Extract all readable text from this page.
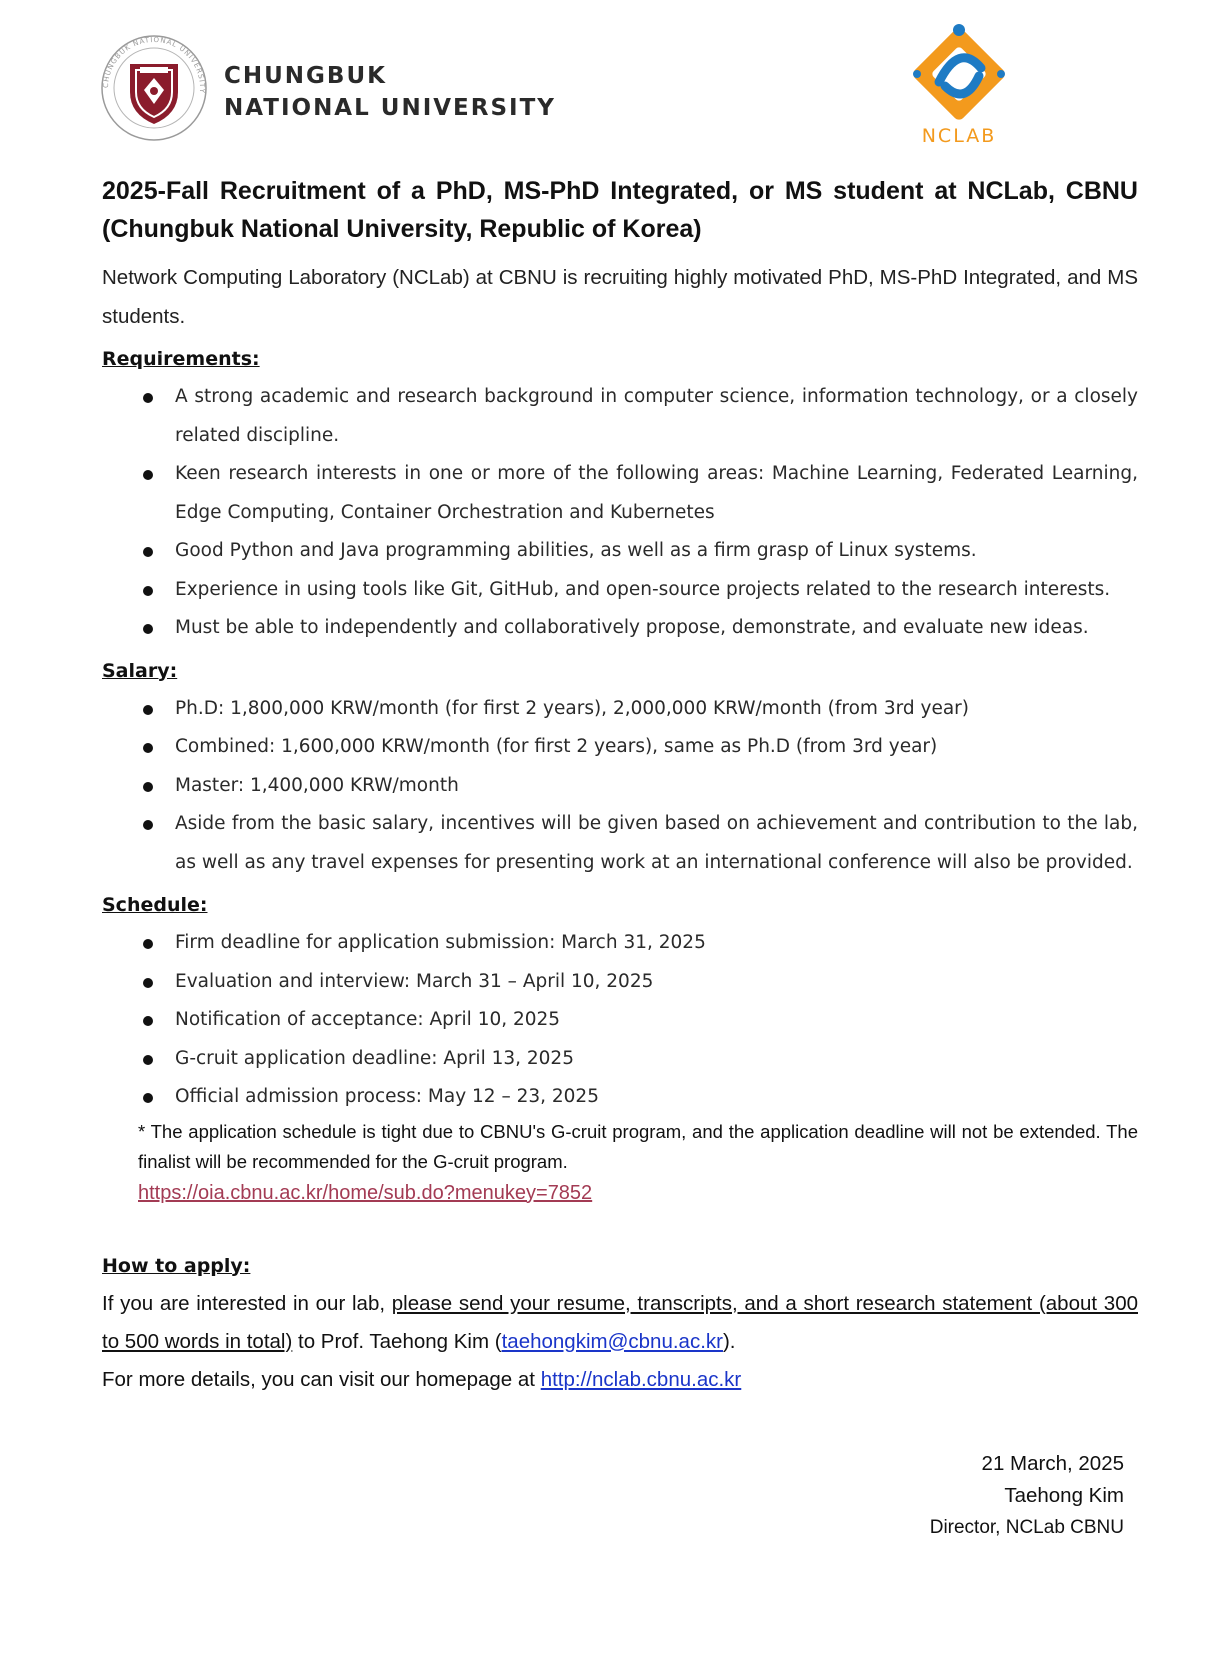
CHUNGBUK NATIONAL UNIVERSITY
CHUNGBUK
NATIONAL UNIVERSITY
NCLAB
2025-Fall Recruitment of a PhD, MS-PhD Integrated, or MS student at NCLab, CBNU (Chungbuk National University, Republic of Korea)

Network Computing Laboratory (NCLab) at CBNU is recruiting highly motivated PhD, MS-PhD Integrated, and MS students.

Requirements:
A strong academic and research background in computer science, information technology, or a closely related discipline.
Keen research interests in one or more of the following areas: Machine Learning, Federated Learning, Edge Computing, Container Orchestration and Kubernetes
Good Python and Java programming abilities, as well as a firm grasp of Linux systems.
Experience in using tools like Git, GitHub, and open-source projects related to the research interests.
Must be able to independently and collaboratively propose, demonstrate, and evaluate new ideas.
Salary:
Ph.D: 1,800,000 KRW/month (for first 2 years), 2,000,000 KRW/month (from 3rd year)
Combined: 1,600,000 KRW/month (for first 2 years), same as Ph.D (from 3rd year)
Master: 1,400,000 KRW/month
Aside from the basic salary, incentives will be given based on achievement and contribution to the lab, as well as any travel expenses for presenting work at an international conference will also be provided.
Schedule:
Firm deadline for application submission: March 31, 2025
Evaluation and interview: March 31 – April 10, 2025
Notification of acceptance: April 10, 2025
G-cruit application deadline: April 13, 2025
Official admission process: May 12 – 23, 2025

* The application schedule is tight due to CBNU's G-cruit program, and the application deadline will not be extended. The finalist will be recommended for the G-cruit program.

https://oia.cbnu.ac.kr/home/sub.do?menukey=7852
How to apply:

If you are interested in our lab, please send your resume, transcripts, and a short research statement (about 300 to 500 words in total) to Prof. Taehong Kim (taehongkim@cbnu.ac.kr).

For more details, you can visit our homepage at http://nclab.cbnu.ac.kr

21 March, 2025
Taehong Kim
Director, NCLab CBNU
